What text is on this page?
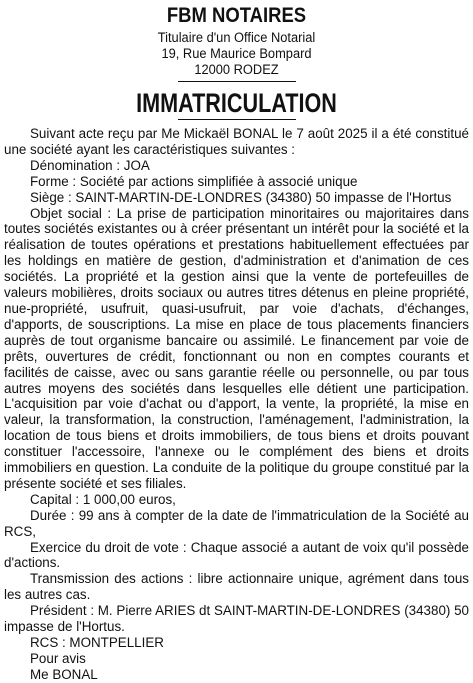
FBM NOTAIRES
Titulaire d'un Office Notarial
19, Rue Maurice Bompard
12000 RODEZ
IMMATRICULATION

Suivant acte reçu par Me Mickaël BONAL le 7 août 2025 il a été constitué une société ayant les caractéristiques suivantes :

Dénomination : JOA

Forme : Société par actions simplifiée à associé unique

Siège : SAINT-MARTIN-DE-LONDRES (34380) 50 impasse de l'Hortus

Objet social : La prise de participation minoritaires ou majoritaires dans toutes sociétés existantes ou à créer présentant un intérêt pour la société et la réalisation de toutes opérations et prestations habituellement effectuées par les holdings en matière de gestion, d'administration et d'animation de ces sociétés. La propriété et la gestion ainsi que la vente de portefeuilles de valeurs mobilières, droits sociaux ou autres titres détenus en pleine propriété, nue-propriété, usufruit, quasi-usufruit, par voie d'achats, d'échanges, d'apports, de souscriptions. La mise en place de tous placements financiers auprès de tout organisme bancaire ou assimilé. Le financement par voie de prêts, ouvertures de crédit, fonctionnant ou non en comptes courants et facilités de caisse, avec ou sans garantie réelle ou personnelle, ou par tous autres moyens des sociétés dans lesquelles elle détient une participation. L'acquisition par voie d'achat ou d'apport, la vente, la propriété, la mise en valeur, la transformation, la construction, l'aménagement, l'administration, la location de tous biens et droits immobiliers, de tous biens et droits pouvant constituer l'accessoire, l'annexe ou le complément des biens et droits immobiliers en question. La conduite de la politique du groupe constitué par la présente société et ses filiales.

Capital : 1 000,00 euros,

Durée : 99 ans à compter de la date de l'immatriculation de la Société au RCS,

Exercice du droit de vote : Chaque associé a autant de voix qu'il possède d'actions.

Transmission des actions : libre actionnaire unique, agrément dans tous les autres cas.

Président : M. Pierre ARIES dt SAINT-MARTIN-DE-LONDRES (34380) 50 impasse de l'Hortus.

RCS : MONTPELLIER

Pour avis

Me BONAL
